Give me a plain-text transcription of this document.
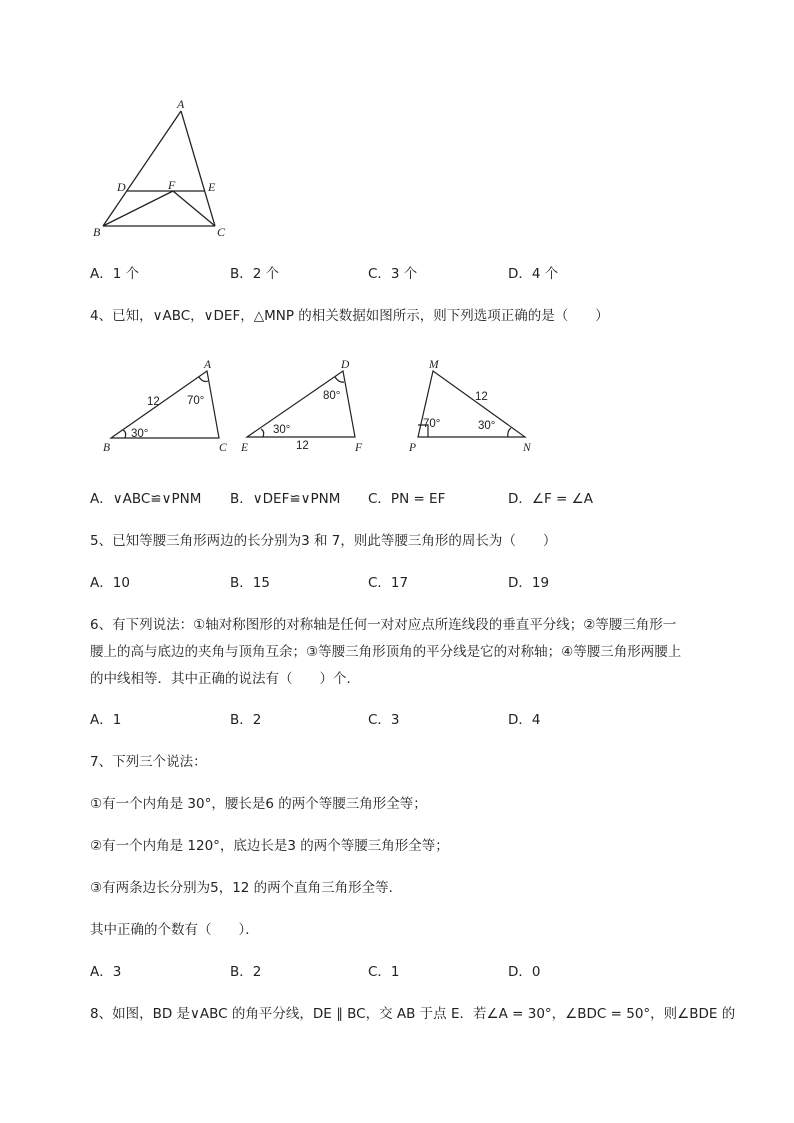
A
B	C
D	E
F
A．1 个	B．2 个	C．3 个	D．4 个
4、已知，∨ABC，∨DEF，△MNP 的相关数据如图所示，则下列选项正确的是（　　）
A
B	C
12 70°
30°
D
E	F
12
80°
30°
M
P	N
12
70°	30°
A．∨ABC≌∨PNM B．∨DEF≌∨PNM C．PN = EF	D．∠F = ∠A
5、已知等腰三角形两边的长分别为3 和 7，则此等腰三角形的周长为（　　）
A．10	B．15	C．17	D．19
6、有下列说法：①轴对称图形的对称轴是任何一对对应点所连线段的垂直平分线；②等腰三角形一
腰上的高与底边的夹角与顶角互余；③等腰三角形顶角的平分线是它的对称轴；④等腰三角形两腰上
的中线相等．其中正确的说法有（　　）个．
A．1	B．2	C．3	D．4
7、下列三个说法：
①有一个内角是 30°，腰长是6 的两个等腰三角形全等；
②有一个内角是 120°，底边长是3 的两个等腰三角形全等；
③有两条边长分别为5，12 的两个直角三角形全等．
其中正确的个数有（　　）．
A．3	B．2	C．1	D．0
8、如图，BD 是∨ABC 的角平分线，DE ∥ BC，交 AB 于点 E．若∠A = 30°，∠BDC = 50°，则∠BDE 的
